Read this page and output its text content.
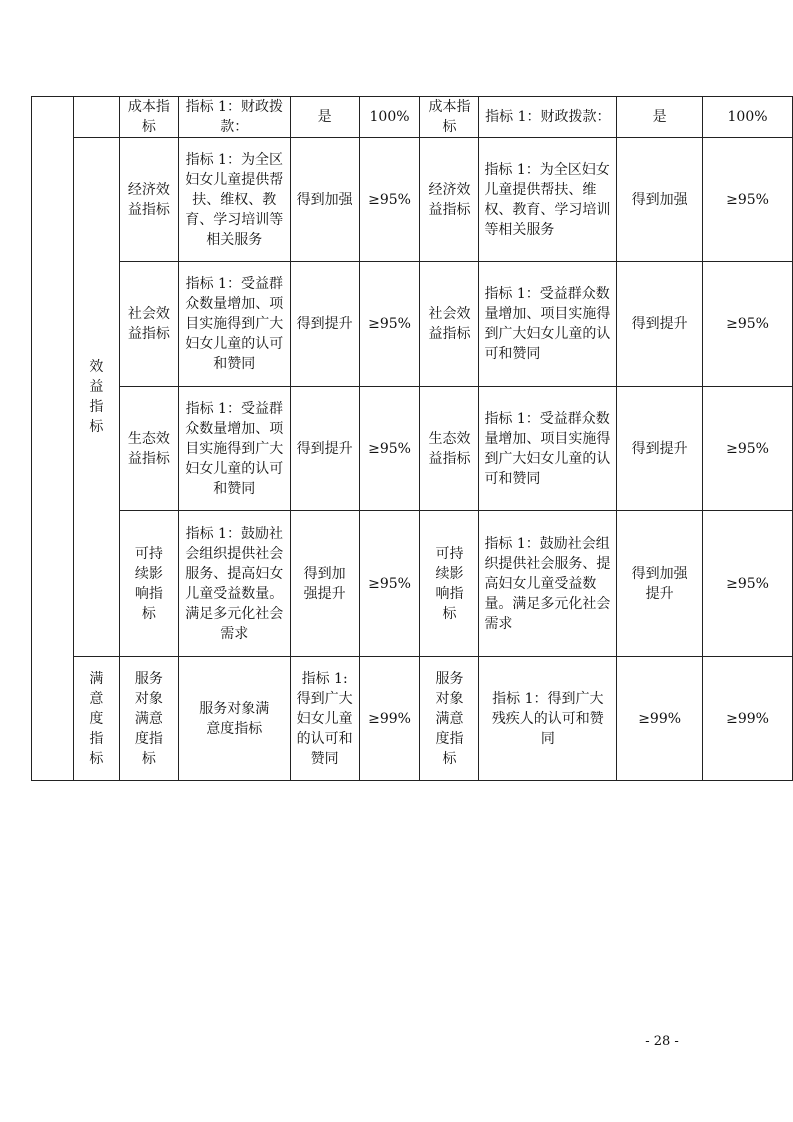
		成本指标	指标 1：财政拨款：	是	100%	成本指标	指标 1：财政拨款：	是	100%
	效益指标	经济效益指标	指标 1：为全区妇女儿童提供帮扶、维权、教育、学习培训等相关服务	得到加强	≥95%	经济效益指标	指标 1：为全区妇女儿童提供帮扶、维权、教育、学习培训等相关服务	得到加强	≥95%
		社会效益指标	指标 1：受益群众数量增加、项目实施得到广大妇女儿童的认可和赞同	得到提升	≥95%	社会效益指标	指标 1：受益群众数量增加、项目实施得到广大妇女儿童的认可和赞同	得到提升	≥95%
		生态效益指标	指标 1：受益群众数量增加、项目实施得到广大妇女儿童的认可和赞同	得到提升	≥95%	生态效益指标	指标 1：受益群众数量增加、项目实施得到广大妇女儿童的认可和赞同	得到提升	≥95%
		可持续影响指标	指标 1：鼓励社会组织提供社会服务、提高妇女儿童受益数量。满足多元化社会需求	得到加强提升	≥95%	可持续影响指标	指标 1：鼓励社会组织提供社会服务、提高妇女儿童受益数量。满足多元化社会需求	得到加强提升	≥95%
	满意度指标	服务对象满意度指标	服务对象满意度指标	指标 1:得到广大妇女儿童的认可和赞同	≥99%	服务对象满意度指标	指标 1：得到广大残疾人的认可和赞同	≥99%	≥99%
- 28 -
